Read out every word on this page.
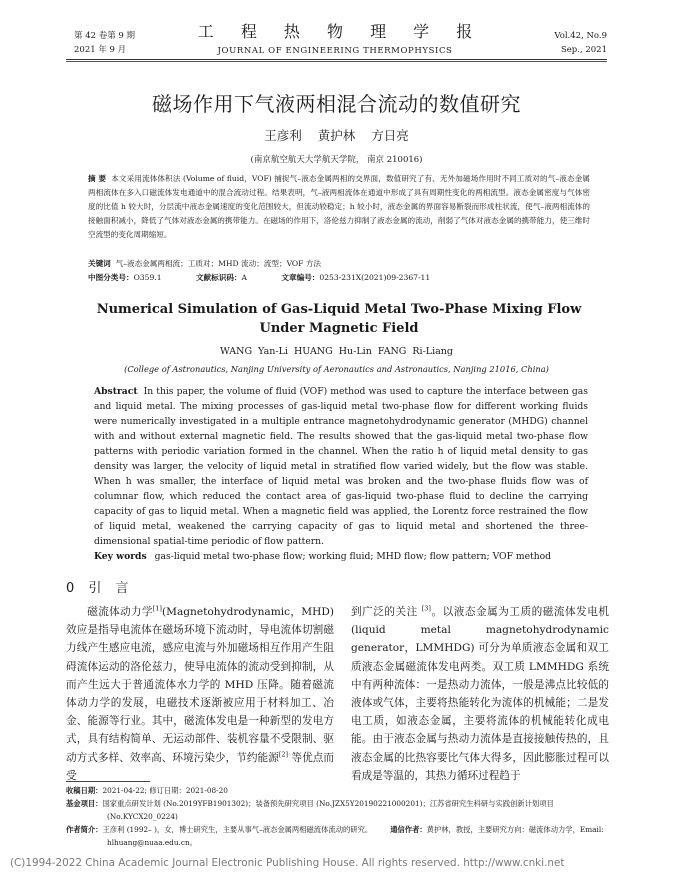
第 42 卷第 9 期
2021 年 9 月
工 程 热 物 理 学 报
JOURNAL OF ENGINEERING THERMOPHYSICS
Vol.42, No.9
Sep., 2021
磁场作用下气液两相混合流动的数值研究
王彦利 黄护林 方日亮
(南京航空航天大学航天学院， 南京 210016)
摘 要 本文采用流体体积法 (Volume of fluid，VOF) 捕捉气–液态金属两相的交界面，数值研究了有、无外加磁场作用时不同工质对的气–液态金属两相流体在多入口磁流体发电通道中的混合流动过程。结果表明，气–液两相流体在通道中形成了具有周期性变化的两相流型。液态金属密度与气体密度的比值 h 较大时，分层流中液态金属速度的变化范围较大，但流动较稳定；h 较小时，液态金属的界面容易断裂而形成柱状流，使气–液两相流体的接触面积减小，降低了气体对液态金属的携带能力。在磁场的作用下，洛伦兹力抑制了液态金属的流动，削弱了气体对液态金属的携带能力，使三维时空流型的变化周期缩短。
关键词 气–液态金属两相流；工质对；MHD 流动；流型；VOF 方法
中图分类号：O359.1	文献标识码：A	文章编号：0253-231X(2021)09-2367-11
Numerical Simulation of Gas-Liquid Metal Two-Phase Mixing Flow Under Magnetic Field
WANG Yan-Li HUANG Hu-Lin FANG Ri-Liang
(College of Astronautics, Nanjing University of Aeronautics and Astronautics, Nanjing 21016, China)
Abstract In this paper, the volume of fluid (VOF) method was used to capture the interface between gas and liquid metal. The mixing processes of gas-liquid metal two-phase flow for different working fluids were numerically investigated in a multiple entrance magnetohydrodynamic generator (MHDG) channel with and without external magnetic field. The results showed that the gas-liquid metal two-phase flow patterns with periodic variation formed in the channel. When the ratio h of liquid metal density to gas density was larger, the velocity of liquid metal in stratified flow varied widely, but the flow was stable. When h was smaller, the interface of liquid metal was broken and the two-phase fluids flow was of columnar flow, which reduced the contact area of gas-liquid two-phase fluid to decline the carrying capacity of gas to liquid metal. When a magnetic field was applied, the Lorentz force restrained the flow of liquid metal, weakened the carrying capacity of gas to liquid metal and shortened the three-dimensional spatial-time periodic of flow pattern.
Key words gas-liquid metal two-phase flow; working fluid; MHD flow; flow pattern; VOF method
0 引 言
磁流体动力学[1](Magnetohydrodynamic，MHD) 效应是指导电流体在磁场环境下流动时，导电流体切割磁力线产生感应电流，感应电流与外加磁场相互作用产生阻碍流体运动的洛伦兹力，使导电流体的流动受到抑制，从而产生远大于普通流体水力学的 MHD 压降。随着磁流体动力学的发展，电磁技术逐渐被应用于材料加工、冶金、能源等行业。其中，磁流体发电是一种新型的发电方式，具有结构简单、无运动部件、装机容量不受限制、驱动方式多样、效率高、环境污染少，节约能源[2] 等优点而受
到广泛的关注 [3]。以液态金属为工质的磁流体发电机 (liquid metal magnetohydrodynamic generator，LMMHDG) 可分为单质液态金属和双工质液态金属磁流体发电两类。双工质 LMMHDG 系统中有两种流体：一是热动力流体，一般是沸点比较低的液体或气体，主要将热能转化为流体的机械能；二是发电工质，如液态金属，主要将流体的机械能转化成电能。由于液态金属与热动力流体是直接接触传热的，且液态金属的比热容要比气体大得多，因此膨胀过程可以看成是等温的，其热力循环过程趋于
收稿日期：2021-04-22; 修订日期：2021-08-20
基金项目：国家重点研发计划 (No.2019YFB1901302)；装备预先研究项目 (No.JZX5Y20190221000201)；江苏省研究生科研与实践创新计划项目 (No.KYCX20_0224)
作者简介：王彦利 (1992– )，女，博士研究生，主要从事气–液态金属两相磁流体流动的研究。 通信作者：黄护林，教授，主要研究方向：磁流体动力学，Email: hlhuang@nuaa.edu.cn。
(C)1994-2022 China Academic Journal Electronic Publishing House. All rights reserved. http://www.cnki.net
